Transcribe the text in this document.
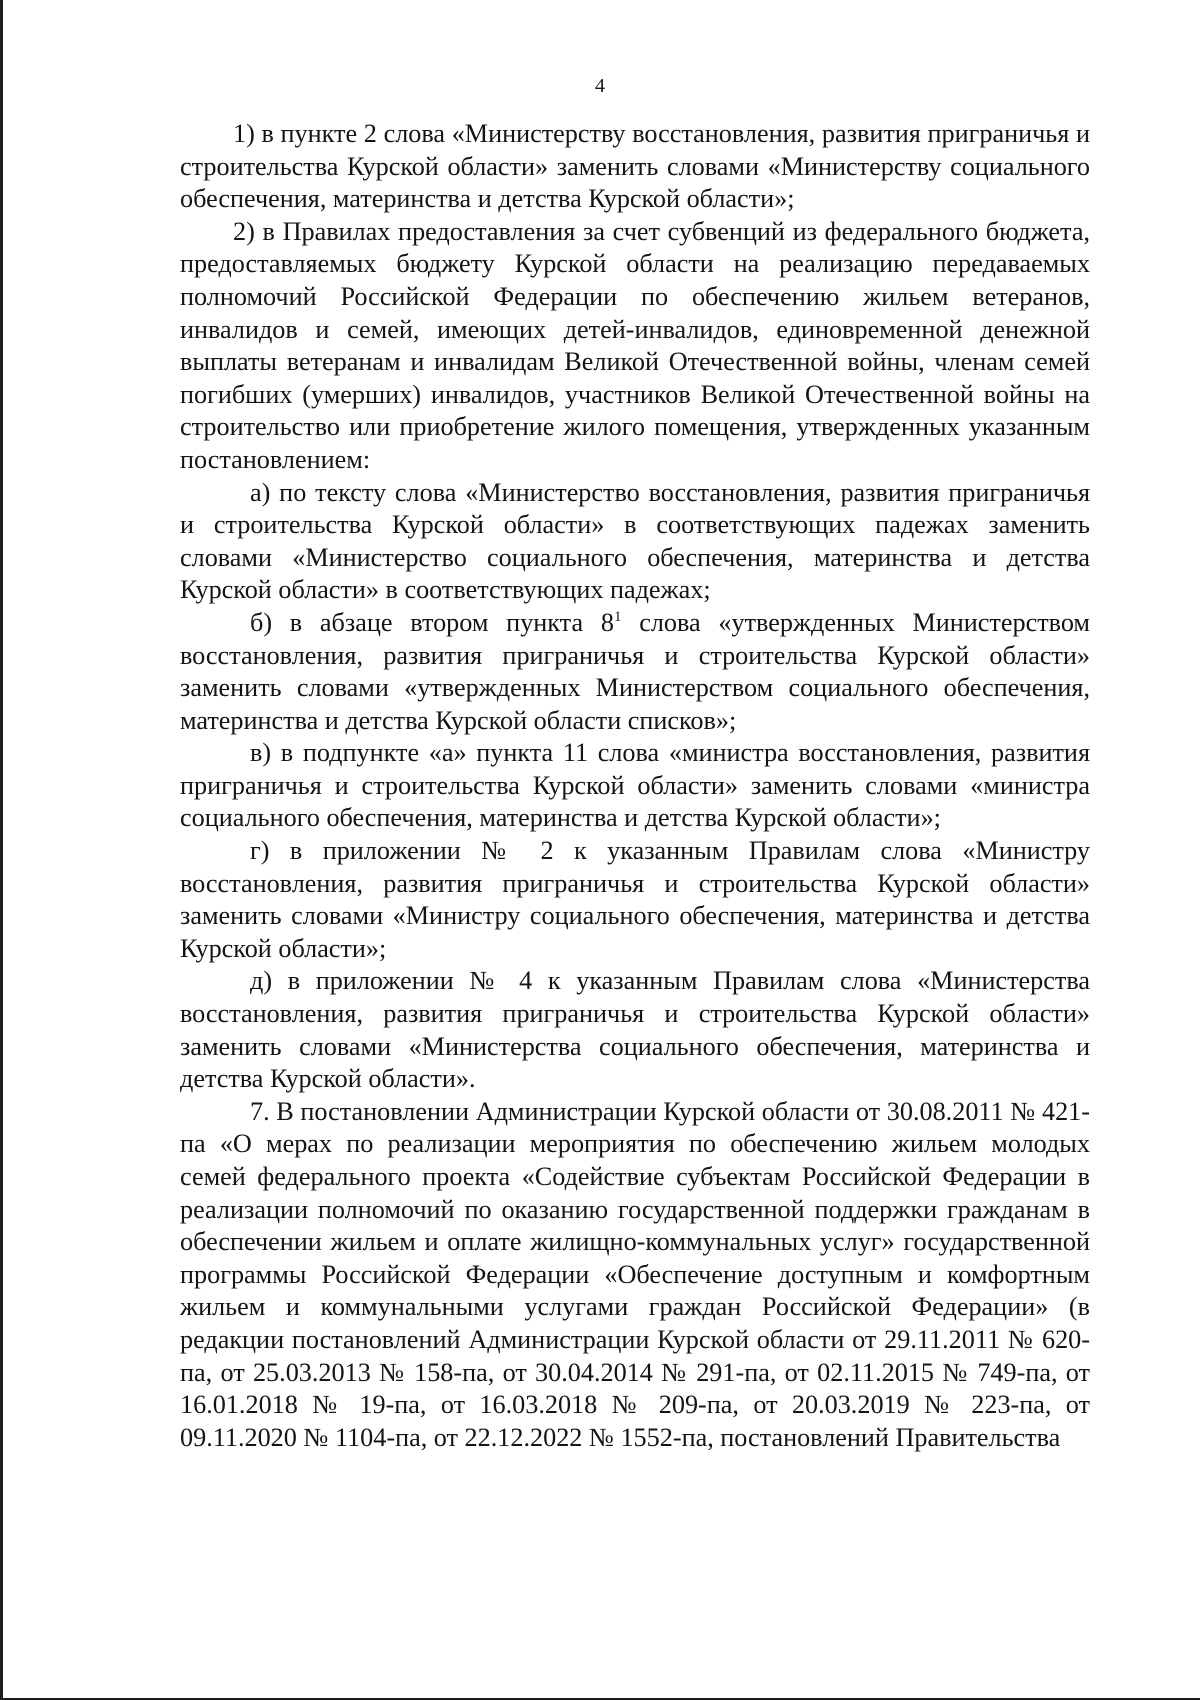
4

1) в пункте 2 слова «Министерству восстановления, развития приграничья и строительства Курской области» заменить словами «Министерству социального обеспечения, материнства и детства Курской области»;

2) в Правилах предоставления за счет субвенций из федерального бюджета, предоставляемых бюджету Курской области на реализацию передаваемых полномочий Российской Федерации по обеспечению жильем ветеранов, инвалидов и семей, имеющих детей-инвалидов, единовременной денежной выплаты ветеранам и инвалидам Великой Отечественной войны, членам семей погибших (умерших) инвалидов, участников Великой Отечественной войны на строительство или приобретение жилого помещения, утвержденных указанным постановлением:

а) по тексту слова «Министерство восстановления, развития приграничья и строительства Курской области» в соответствующих падежах заменить словами «Министерство социального обеспечения, материнства и детства Курской области» в соответствующих падежах;

б) в абзаце втором пункта $8^1$ слова «утвержденных Министерством восстановления, развития приграничья и строительства Курской области» заменить словами «утвержденных Министерством социального обеспечения, материнства и детства Курской области списков»;

в) в подпункте «а» пункта 11 слова «министра восстановления, развития приграничья и строительства Курской области» заменить словами «министра социального обеспечения, материнства и детства Курской области»;

г) в приложении № 2 к указанным Правилам слова «Министру восстановления, развития приграничья и строительства Курской области» заменить словами «Министру социального обеспечения, материнства и детства Курской области»;

д) в приложении № 4 к указанным Правилам слова «Министерства восстановления, развития приграничья и строительства Курской области» заменить словами «Министерства социального обеспечения, материнства и детства Курской области».

7. В постановлении Администрации Курской области от 30.08.2011 № 421-па «О мерах по реализации мероприятия по обеспечению жильем молодых семей федерального проекта «Содействие субъектам Российской Федерации в реализации полномочий по оказанию государственной поддержки гражданам в обеспечении жильем и оплате жилищно-коммунальных услуг» государственной программы Российской Федерации «Обеспечение доступным и комфортным жильем и коммунальными услугами граждан Российской Федерации» (в редакции постановлений Администрации Курской области от 29.11.2011 № 620-па, от 25.03.2013 № 158-па, от 30.04.2014 № 291-па, от 02.11.2015 № 749-па, от 16.01.2018 № 19-па, от 16.03.2018 № 209-па, от 20.03.2019 № 223-па, от 09.11.2020 № 1104-па, от 22.12.2022 № 1552-па, постановлений Правительства
